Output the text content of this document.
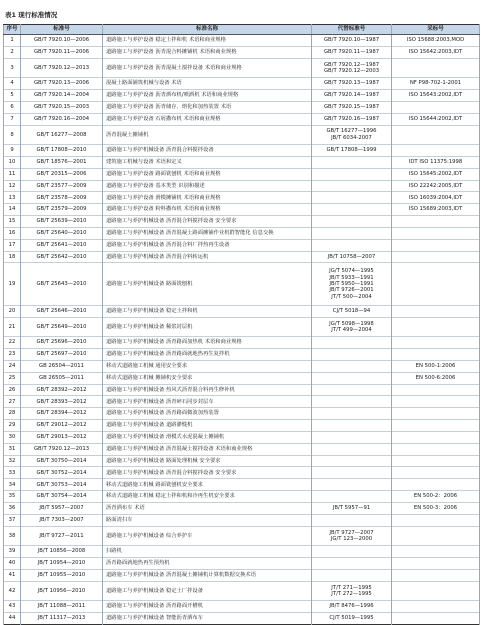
表1 现行标准情况
序号	标准号	标准名称	代替标准号	采标号
1	GB/T 7920.10—2006	道路施工与养护设备 稳定土拌和机 术语和商业规格	GB/T 7920.10—1987	ISO 15688:2003,MOD
2	GB/T 7920.11—2006	道路施工与养护设备 沥青混合料摊铺机 术语和商业规格	GB/T 7920.11—1987	ISO 15642:2003,IDT
3	GB/T 7920.12—2013	道路施工与养护设备 沥青混凝土搅拌设备 术语和商业规格	GB/T 7920.12—1987
GB/T 7920.12—2003	

4	GB/T 7920.13—2006	混凝土路面铺筑机械与设备 术语	GB/T 7920.13—1987	NF P98-702-1-2001
5	GB/T 7920.14—2004	道路施工与养护设备 沥青洒布机/喷洒机 术语和商业规格	GB/T 7920.14—1987	ISO 15643:2002,IDT
6	GB/T 7920.15—2003	道路施工与养护设备 沥青储存、熔化和加热装置 术语	GB/T 7920.15—1987	

7	GB/T 7920.16—2004	道路施工与养护设备 石屑撒布机 术语和商业规格	GB/T 7920.16—1987	ISO 15644:2002,IDT
8	GB/T 16277—2008	沥青混凝土摊铺机	GB/T 16277—1996
JB/T 6034-2007	

9	GB/T 17808—2010	道路施工与养护机械设备 沥青混合料搅拌设备	GB/T 17808—1999	

10	GB/T 18576—2001	建筑施工机械与设备 术语和定义		IDT ISO 11375:1998
11	GB/T 20315—2006	道路施工与养护设备 路面铣刨机 术语和商业规格		ISO 15645:2002,IDT
12	GB/T 23577—2009	道路施工与养护设备 基本类型 识别和描述		ISO 22242:2005,IDT
13	GB/T 23578—2009	道路施工与养护设备 滑模摊铺机 术语和商业规格		ISO 16039:2004,IDT
14	GB/T 23579—2009	道路施工与养护设备 粉料撒布机 术语和商业规格		ISO 15689:2003,IDT
15	GB/T 25639—2010	道路施工与养护机械设备 沥青混合料搅拌设备 安全要求		
16	GB/T 25640—2010	道路施工与养护机械设备 沥青混凝土路面摊铺作业机群智能化 信息交换		
17	GB/T 25641—2010	道路施工与养护机械设备 沥青混合料厂拌热再生设备		
18	GB/T 25642—2010	道路施工与养护机械设备 沥青混合料转运机	JB/T 10758—2007	

19	GB/T 25643—2010	道路施工与养护机械设备 路面铣刨机	JG/T 5074—1995
JB/T 5933—1991
JB/T 5950—1991
JB/T 9726—2001
JT/T 500—2004	

20	GB/T 25646—2010	道路施工与养护机械设备 稳定土拌和机	CJ/T 5018—94	

21	GB/T 25649—2010	道路施工与养护机械设备 稀浆封层机	JG/T 5098—1998
JT/T 499—2004	

22	GB/T 25696—2010	道路施工与养护机械设备 沥青路面加热机 术语和商业规格		
23	GB/T 25697—2010	道路施工与养护机械设备 沥青路面就地热再生复拌机		
24	GB 26504—2011	移动式道路施工机械 通用安全要求		EN 500-1:2006
25	GB 26505—2011	移动式道路施工机械 摊铺机安全要求		EN 500-6:2006
26	GB/T 28392—2012	道路施工与养护机械设备 热风式沥青混合料再生修补机		
27	GB/T 28393—2012	道路施工与养护机械设备 沥青碎石同步封层车		
28	GB/T 28394—2012	道路施工与养护机械设备 沥青路面微波加热装置		
29	GB/T 29012—2012	道路施工与养护机械设备 道路灌缝机		
30	GB/T 29013—2012	道路施工与养护机械设备 滑模式水泥混凝土摊铺机		
31	GB/T 7920.12—2013	道路施工与养护机械设备 沥青混凝土搅拌设备 术语和商业规格		
32	GB/T 30750—2014	道路施工与养护机械设备 路面处理机械 安全要求		
33	GB/T 30752—2014	道路施工与养护机械设备 沥青混合料搅拌设备 安全要求		
34	GB/T 30753—2014	移动式道路施工机械 路面铣刨机安全要求		
35	GB/T 30754—2014	移动式道路施工机械 稳定土拌和机和冷再生机安全要求		EN 500-2：2006
36	JB/T 5957—2007	沥青洒布车 术语	JB/T 5957—91	EN 500-3：2006
37	JB/T 7303—2007	路面清扫车		
38	JB/T 9727—2011	道路施工与养护机械设备 综合养护车	JB/T 9727—2007
JG/T 123—2000	

39	JB/T 10856—2008	扫路机		
40	JB/T 10954—2010	沥青路面就地热再生预热机		
41	JB/T 10955—2010	道路施工与养护机械设备 沥青混凝土摊铺机计算机数据交换术语		
42	JB/T 10956—2010	道路施工与养护机械设备 稳定土厂拌设备	JT/T 271—1995
JT/T 272—1995	

43	JB/T 11088—2011	道路施工与养护机械设备 沥青路面开槽机	JB/T 8476—1996	

44	JB/T 11317—2013	道路施工与养护机械设备 智能沥青洒布车	CJ/T 5019—1995	
